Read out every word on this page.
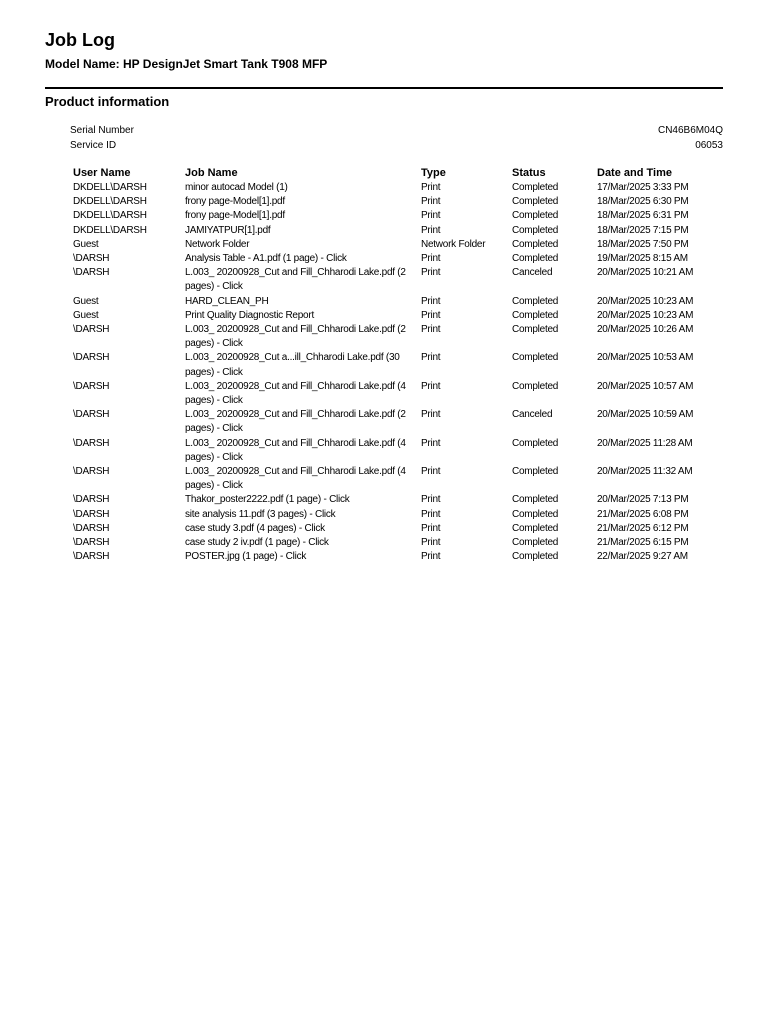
Job Log
Model Name: HP DesignJet Smart Tank T908 MFP
Product information
Serial Number	CN46B6M04Q
Service ID	06053
User Name	Job Name	Type	Status	Date and Time
DKDELL\DARSH	minor autocad Model (1)	Print	Completed	17/Mar/2025 3:33 PM
DKDELL\DARSH	frony page-Model[1].pdf	Print	Completed	18/Mar/2025 6:30 PM
DKDELL\DARSH	frony page-Model[1].pdf	Print	Completed	18/Mar/2025 6:31 PM
DKDELL\DARSH	JAMIYATPUR[1].pdf	Print	Completed	18/Mar/2025 7:15 PM
Guest	Network Folder	Network Folder	Completed	18/Mar/2025 7:50 PM
\DARSH	Analysis Table - A1.pdf (1 page) - Click	Print	Completed	19/Mar/2025 8:15 AM
\DARSH	L.003_ 20200928_Cut and Fill_Chharodi Lake.pdf (2 pages) - Click	Print	Canceled	20/Mar/2025 10:21 AM
Guest	HARD_CLEAN_PH	Print	Completed	20/Mar/2025 10:23 AM
Guest	Print Quality Diagnostic Report	Print	Completed	20/Mar/2025 10:23 AM
\DARSH	L.003_ 20200928_Cut and Fill_Chharodi Lake.pdf (2 pages) - Click	Print	Completed	20/Mar/2025 10:26 AM
\DARSH	L.003_ 20200928_Cut a...ill_Chharodi Lake.pdf (30 pages) - Click	Print	Completed	20/Mar/2025 10:53 AM
\DARSH	L.003_ 20200928_Cut and Fill_Chharodi Lake.pdf (4 pages) - Click	Print	Completed	20/Mar/2025 10:57 AM
\DARSH	L.003_ 20200928_Cut and Fill_Chharodi Lake.pdf (2 pages) - Click	Print	Canceled	20/Mar/2025 10:59 AM
\DARSH	L.003_ 20200928_Cut and Fill_Chharodi Lake.pdf (4 pages) - Click	Print	Completed	20/Mar/2025 11:28 AM
\DARSH	L.003_ 20200928_Cut and Fill_Chharodi Lake.pdf (4 pages) - Click	Print	Completed	20/Mar/2025 11:32 AM
\DARSH	Thakor_poster2222.pdf (1 page) - Click	Print	Completed	20/Mar/2025 7:13 PM
\DARSH	site analysis 11.pdf (3 pages) - Click	Print	Completed	21/Mar/2025 6:08 PM
\DARSH	case study 3.pdf (4 pages) - Click	Print	Completed	21/Mar/2025 6:12 PM
\DARSH	case study 2 iv.pdf (1 page) - Click	Print	Completed	21/Mar/2025 6:15 PM
\DARSH	POSTER.jpg (1 page) - Click	Print	Completed	22/Mar/2025 9:27 AM
